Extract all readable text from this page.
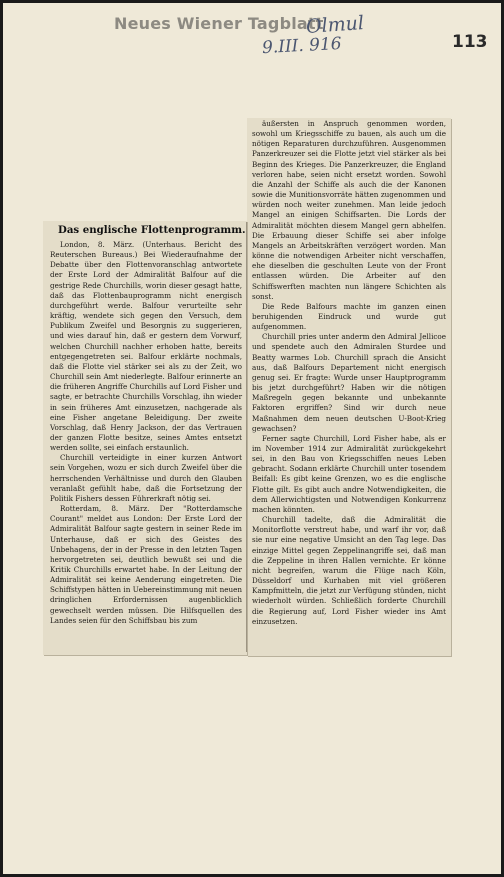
Neues Wiener Tagblatt
Olmul
9.III. 916	113
Das englische Flottenprogramm.

London, 8. März. (Unterhaus. Bericht des Reuterschen Bureaus.) Bei Wiederaufnahme der Debatte über den Flottenvoranschlag antwortete der Erste Lord der Admiralität Balfour auf die gestrige Rede Churchills, worin dieser gesagt hatte, daß das Flottenbauprogramm nicht energisch durchgeführt werde. Balfour verurteilte sehr kräftig, wendete sich gegen den Versuch, dem Publikum Zweifel und Besorgnis zu suggerieren, und wies darauf hin, daß er gestern dem Vorwurf, welchen Churchill nachher erhoben hatte, bereits entgegengetreten sei. Balfour erklärte nochmals, daß die Flotte viel stärker sei als zu der Zeit, wo Churchill sein Amt niederlegte. Balfour erinnerte an die früheren Angriffe Churchills auf Lord Fisher und sagte, er betrachte Churchills Vorschlag, ihn wieder in sein früheres Amt einzusetzen, nachgerade als eine Fisher angetane Beleidigung. Der zweite Vorschlag, daß Henry Jackson, der das Vertrauen der ganzen Flotte besitze, seines Amtes entsetzt werden sollte, sei einfach erstaunlich.

Churchill verteidigte in einer kurzen Antwort sein Vorgehen, wozu er sich durch Zweifel über die herrschenden Verhältnisse und durch den Glauben veranlaßt gefühlt habe, daß die Fortsetzung der Politik Fishers dessen Führerkraft nötig sei.

Rotterdam, 8. März. Der "Rotterdamsche Courant" meldet aus London: Der Erste Lord der Admiralität Balfour sagte gestern in seiner Rede im Unterhause, daß er sich des Geistes des Unbehagens, der in der Presse in den letzten Tagen hervorgetreten sei, deutlich bewußt sei und die Kritik Churchills erwartet habe. In der Leitung der Admiralität sei keine Aenderung eingetreten. Die Schiffstypen hätten in Uebereinstimmung mit neuen dringlichen Erfordernissen augenblicklich gewechselt werden müssen. Die Hilfsquellen des Landes seien für den Schiffsbau bis zum

äußersten in Anspruch genommen worden, sowohl um Kriegsschiffe zu bauen, als auch um die nötigen Reparaturen durchzuführen. Ausgenommen Panzerkreuzer sei die Flotte jetzt viel stärker als bei Beginn des Krieges. Die Panzerkreuzer, die England verloren habe, seien nicht ersetzt worden. Sowohl die Anzahl der Schiffe als auch die der Kanonen sowie die Munitionsvorräte hätten zugenommen und würden noch weiter zunehmen. Man leide jedoch Mangel an einigen Schiffsarten. Die Lords der Admiralität möchten diesem Mangel gern abhelfen. Die Erbauung dieser Schiffe sei aber infolge Mangels an Arbeitskräften verzögert worden. Man könne die notwendigen Arbeiter nicht verschaffen, ehe dieselben die geschulten Leute von der Front entlassen würden. Die Arbeiter auf den Schiffswerften machten nun längere Schichten als sonst.

Die Rede Balfours machte im ganzen einen beruhigenden Eindruck und wurde gut aufgenommen.

Churchill pries unter anderm den Admiral Jellicoe und spendete auch den Admiralen Sturdee und Beatty warmes Lob. Churchill sprach die Ansicht aus, daß Balfours Departement nicht energisch genug sei. Er fragte: Wurde unser Hauptprogramm bis jetzt durchgeführt? Haben wir die nötigen Maßregeln gegen bekannte und unbekannte Faktoren ergriffen? Sind wir durch neue Maßnahmen dem neuen deutschen U-Boot-Krieg gewachsen?

Ferner sagte Churchill, Lord Fisher habe, als er im November 1914 zur Admiralität zurückgekehrt sei, in den Bau von Kriegsschiffen neues Leben gebracht. Sodann erklärte Churchill unter tosendem Beifall: Es gibt keine Grenzen, wo es die englische Flotte gilt. Es gibt auch andre Notwendigkeiten, die dem Allerwichtigsten und Notwendigen Konkurrenz machen könnten.

Churchill tadelte, daß die Admiralität die Monitorflotte verstreut habe, und warf ihr vor, daß sie nur eine negative Umsicht an den Tag lege. Das einzige Mittel gegen Zeppelinangriffe sei, daß man die Zeppeline in ihren Hallen vernichte. Er könne nicht begreifen, warum die Flüge nach Köln, Düsseldorf und Kurhaben mit viel größeren Kampfmitteln, die jetzt zur Verfügung stünden, nicht wiederholt würden. Schließlich forderte Churchill die Regierung auf, Lord Fisher wieder ins Amt einzusetzen.
